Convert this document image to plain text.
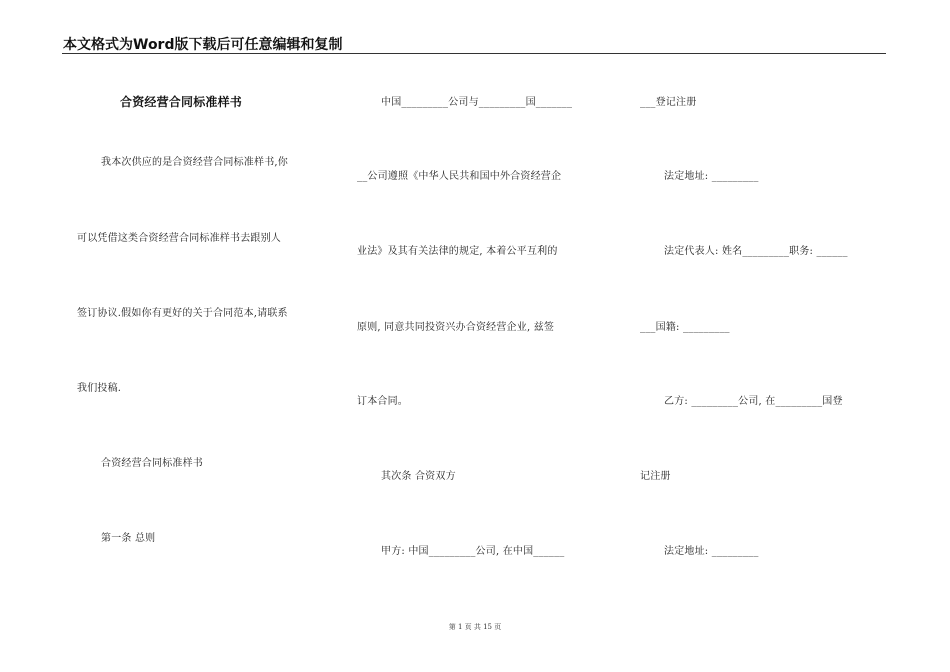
本文格式为Word版下载后可任意编辑和复制
合资经营合同标准样书
我本次供应的是合资经营合同标准样书,你
可以凭借这类合资经营合同标准样书去跟别人
签订协议.假如你有更好的关于合同范本,请联系
我们投稿.
合资经营合同标准样书
第一条 总则
中国_________公司与_________国_______
__公司遵照《中华人民共和国中外合资经营企
业法》及其有关法律的规定, 本着公平互利的
原则, 同意共同投资兴办合资经营企业, 兹签
订本合同。
其次条 合资双方
甲方: 中国_________公司, 在中国______
___登记注册
法定地址: _________
法定代表人: 姓名_________职务: ______
___国籍: _________
乙方: _________公司, 在_________国登
记注册
法定地址: _________
第 1 页 共 15 页
